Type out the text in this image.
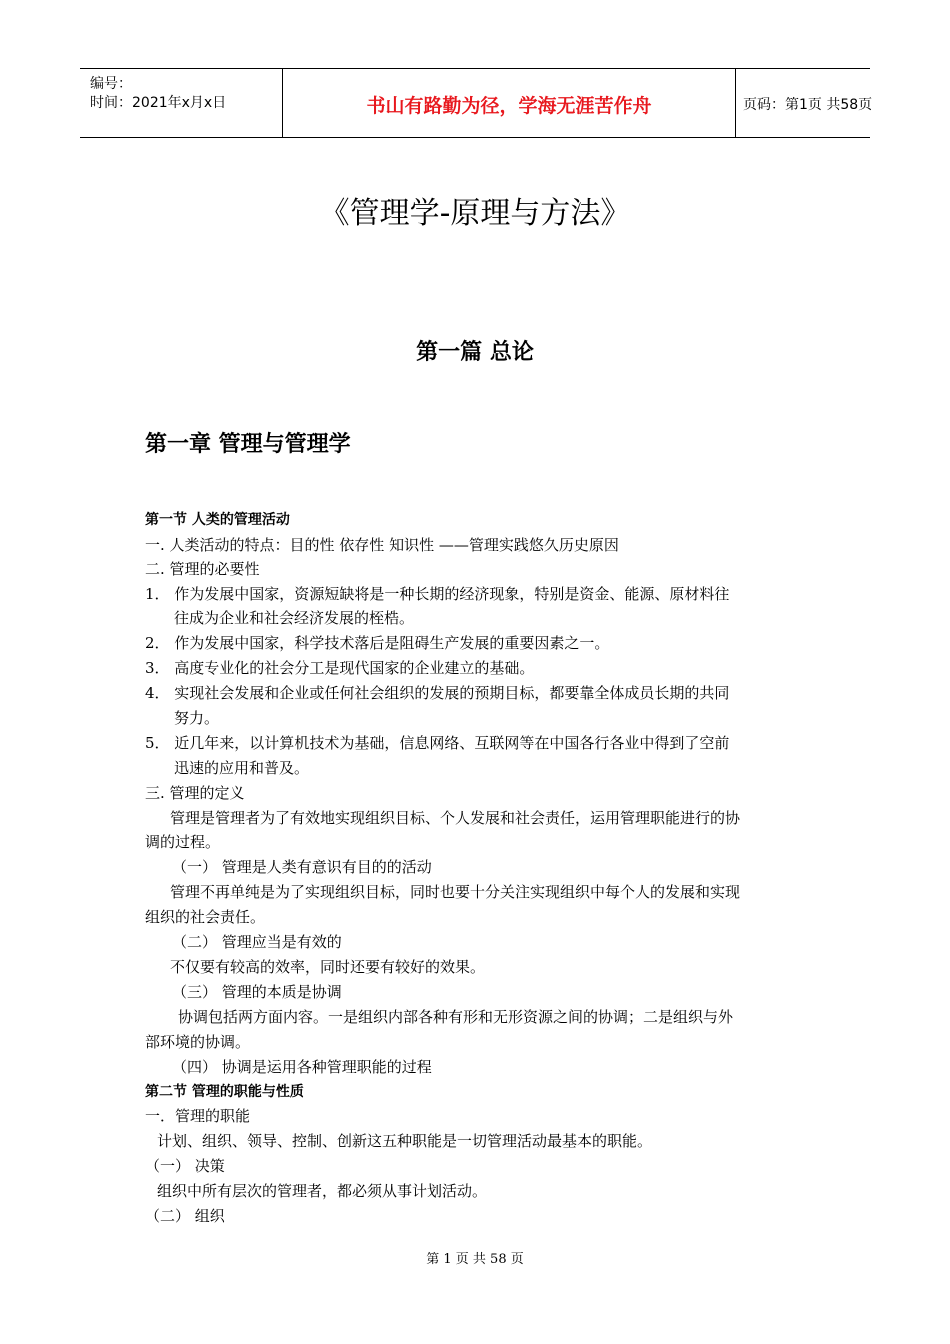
编号：
时间：2021年x月x日	书山有路勤为径，学海无涯苦作舟	页码：第1页 共58页
《管理学-原理与方法》
第一篇 总论
第一章 管理与管理学
第一节 人类的管理活动
一. 人类活动的特点：目的性 依存性 知识性 ——管理实践悠久历史原因
二. 管理的必要性
1． 作为发展中国家，资源短缺将是一种长期的经济现象，特别是资金、能源、原材料往
往成为企业和社会经济发展的桎梏。
2． 作为发展中国家，科学技术落后是阻碍生产发展的重要因素之一。
3． 高度专业化的社会分工是现代国家的企业建立的基础。
4． 实现社会发展和企业或任何社会组织的发展的预期目标，都要靠全体成员长期的共同
努力。
5． 近几年来，以计算机技术为基础，信息网络、互联网等在中国各行各业中得到了空前
迅速的应用和普及。
三. 管理的定义
管理是管理者为了有效地实现组织目标、个人发展和社会责任，运用管理职能进行的协
调的过程。
（一） 管理是人类有意识有目的的活动
管理不再单纯是为了实现组织目标，同时也要十分关注实现组织中每个人的发展和实现
组织的社会责任。
（二） 管理应当是有效的
不仅要有较高的效率，同时还要有较好的效果。
（三） 管理的本质是协调
协调包括两方面内容。一是组织内部各种有形和无形资源之间的协调；二是组织与外
部环境的协调。
（四） 协调是运用各种管理职能的过程
第二节 管理的职能与性质
一．管理的职能
计划、组织、领导、控制、创新这五种职能是一切管理活动最基本的职能。
（一） 决策
组织中所有层次的管理者，都必须从事计划活动。
（二） 组织
第 1 页 共 58 页
